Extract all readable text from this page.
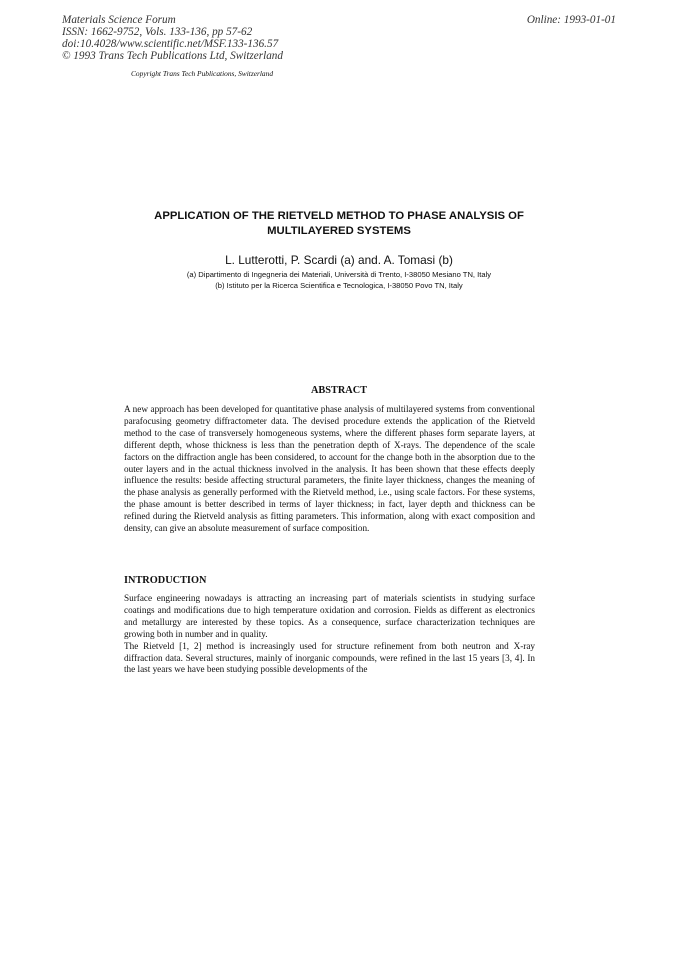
Materials Science Forum
ISSN: 1662-9752, Vols. 133-136, pp 57-62
doi:10.4028/www.scientific.net/MSF.133-136.57
© 1993 Trans Tech Publications Ltd, Switzerland
Online: 1993-01-01
Copyright Trans Tech Publications, Switzerland
APPLICATION OF THE RIETVELD METHOD TO PHASE ANALYSIS OF
MULTILAYERED SYSTEMS
L. Lutterotti, P. Scardi (a) and. A. Tomasi (b)
(a) Dipartimento di Ingegneria dei Materiali, Università di Trento, I-38050 Mesiano TN, Italy
(b) Istituto per la Ricerca Scientifica e Tecnologica, I-38050 Povo TN, Italy
ABSTRACT

A new approach has been developed for quantitative phase analysis of multilayered systems from conventional parafocusing geometry diffractometer data. The devised procedure extends the application of the Rietveld method to the case of transversely homogeneous systems, where the different phases form separate layers, at different depth, whose thickness is less than the penetration depth of X-rays. The dependence of the scale factors on the diffraction angle has been considered, to account for the change both in the absorption due to the outer layers and in the actual thickness involved in the analysis. It has been shown that these effects deeply influence the results: beside affecting structural parameters, the finite layer thickness, changes the meaning of the phase analysis as generally performed with the Rietveld method, i.e., using scale factors. For these systems, the phase amount is better described in terms of layer thickness; in fact, layer depth and thickness can be refined during the Rietveld analysis as fitting parameters. This information, along with exact composition and density, can give an absolute measurement of surface composition.

INTRODUCTION

Surface engineering nowadays is attracting an increasing part of materials scientists in studying surface coatings and modifications due to high temperature oxidation and corrosion. Fields as different as electronics and metallurgy are interested by these topics. As a consequence, surface characterization techniques are growing both in number and in quality.

The Rietveld [1, 2] method is increasingly used for structure refinement from both neutron and X-ray diffraction data. Several structures, mainly of inorganic compounds, were refined in the last 15 years [3, 4]. In the last years we have been studying possible developments of the
